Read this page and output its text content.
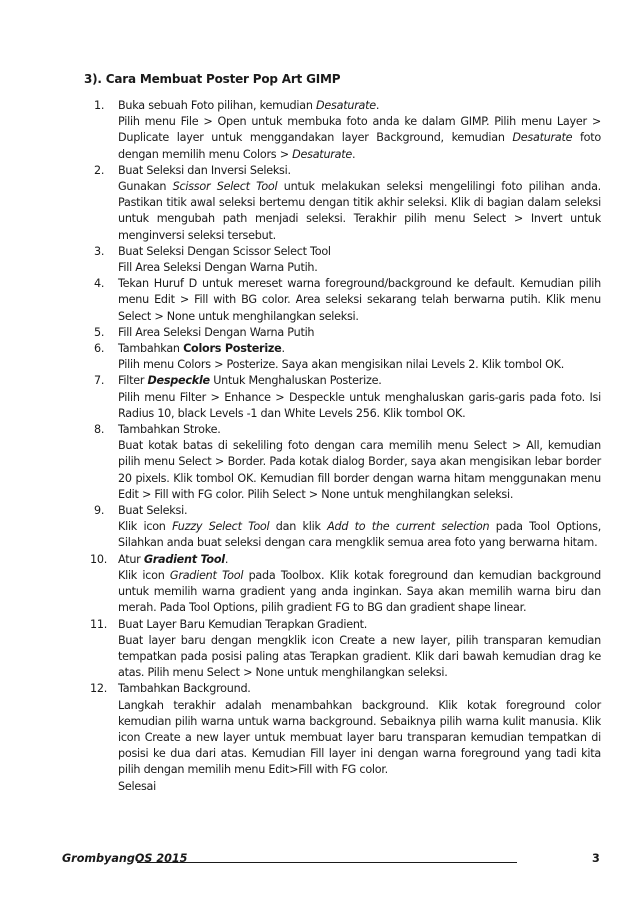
3). Cara Membuat Poster Pop Art GIMP
1.	Buka sebuah Foto pilihan, kemudian Desaturate.
Pilih menu File > Open untuk membuka foto anda ke dalam GIMP. Pilih menu Layer > Duplicate layer untuk menggandakan layer Background, kemudian Desaturate foto dengan memilih menu Colors > Desaturate.
2.	Buat Seleksi dan Inversi Seleksi.
Gunakan Scissor Select Tool untuk melakukan seleksi mengelilingi foto pilihan anda. Pastikan titik awal seleksi bertemu dengan titik akhir seleksi. Klik di bagian dalam seleksi untuk mengubah path menjadi seleksi. Terakhir pilih menu Select > Invert untuk menginversi seleksi tersebut.
3.	Buat Seleksi Dengan Scissor Select Tool
Fill Area Seleksi Dengan Warna Putih.
4.	Tekan Huruf D untuk mereset warna foreground/background ke default. Kemudian pilih menu Edit > Fill with BG color. Area seleksi sekarang telah berwarna putih. Klik menu Select > None untuk menghilangkan seleksi.
5.	Fill Area Seleksi Dengan Warna Putih
6.	Tambahkan Colors Posterize.
Pilih menu Colors > Posterize. Saya akan mengisikan nilai Levels 2. Klik tombol OK.
7.	Filter Despeckle Untuk Menghaluskan Posterize.
Pilih menu Filter > Enhance > Despeckle untuk menghaluskan garis-garis pada foto. Isi Radius 10, black Levels -1 dan White Levels 256. Klik tombol OK.
8.	Tambahkan Stroke.
Buat kotak batas di sekeliling foto dengan cara memilih menu Select > All, kemudian pilih menu Select > Border. Pada kotak dialog Border, saya akan mengisikan lebar border 20 pixels. Klik tombol OK. Kemudian fill border dengan warna hitam menggunakan menu Edit > Fill with FG color. Pilih Select > None untuk menghilangkan seleksi.
9.	Buat Seleksi.
Klik icon Fuzzy Select Tool dan klik Add to the current selection pada Tool Options, Silahkan anda buat seleksi dengan cara mengklik semua area foto yang berwarna hitam.
10. Atur Gradient Tool.
Klik icon Gradient Tool pada Toolbox. Klik kotak foreground dan kemudian background untuk memilih warna gradient yang anda inginkan. Saya akan memilih warna biru dan merah. Pada Tool Options, pilih gradient FG to BG dan gradient shape linear.
11. Buat Layer Baru Kemudian Terapkan Gradient.
Buat layer baru dengan mengklik icon Create a new layer, pilih transparan kemudian tempatkan pada posisi paling atas Terapkan gradient. Klik dari bawah kemudian drag ke atas. Pilih menu Select > None untuk menghilangkan seleksi.
12. Tambahkan Background.
Langkah terakhir adalah menambahkan background. Klik kotak foreground color kemudian pilih warna untuk warna background. Sebaiknya pilih warna kulit manusia. Klik icon Create a new layer untuk membuat layer baru transparan kemudian tempatkan di posisi ke dua dari atas. Kemudian Fill layer ini dengan warna foreground yang tadi kita pilih dengan memilih menu Edit>Fill with FG color.
Selesai
GrombyangOS 2015	3
